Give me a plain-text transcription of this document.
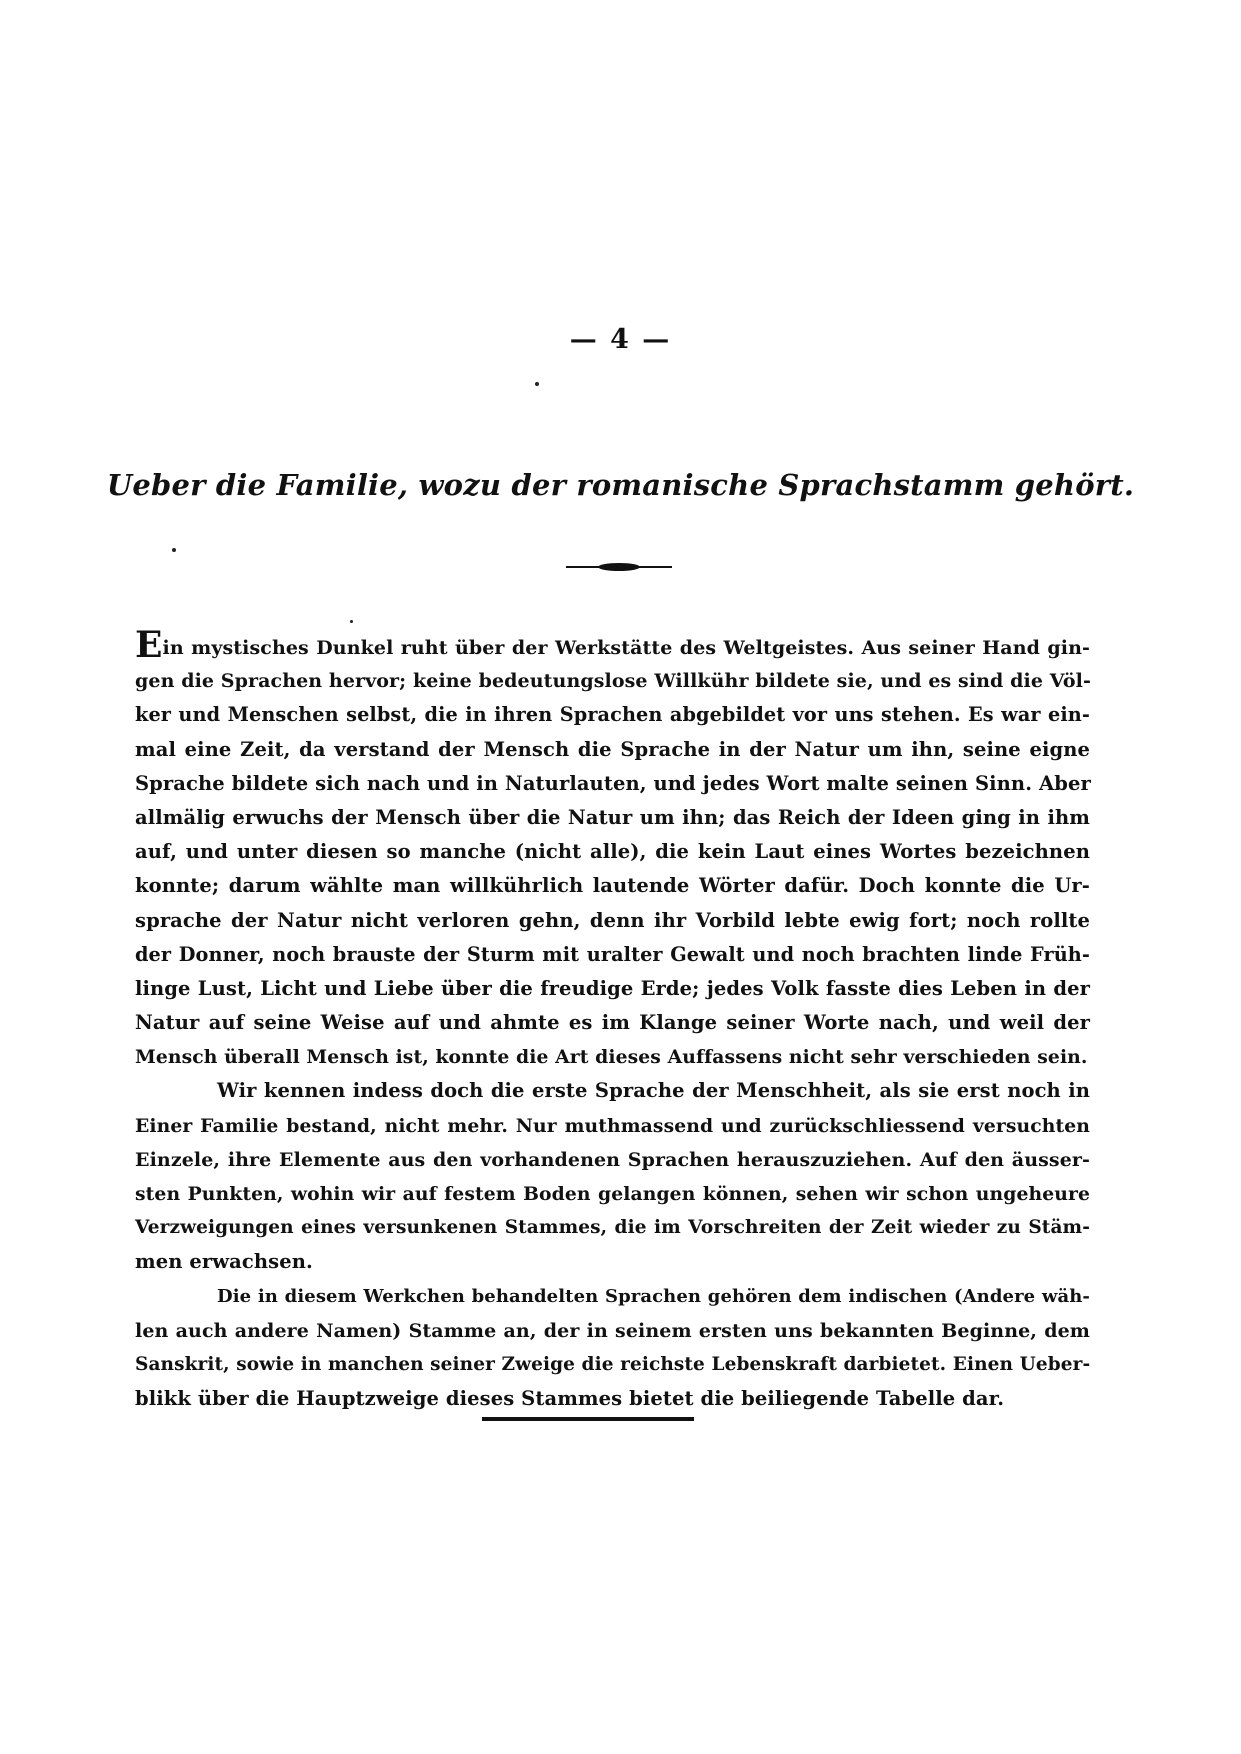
— 4 —
Ueber die Familie, wozu der romanische Sprachstamm gehört.
Ein mystisches Dunkel ruht über der Werkstätte des Weltgeistes. Aus seiner Hand gin-
gen die Sprachen hervor; keine bedeutungslose Willkühr bildete sie, und es sind die Völ-
ker und Menschen selbst, die in ihren Sprachen abgebildet vor uns stehen. Es war ein-
mal eine Zeit, da verstand der Mensch die Sprache in der Natur um ihn, seine eigne
Sprache bildete sich nach und in Naturlauten, und jedes Wort malte seinen Sinn. Aber
allmälig erwuchs der Mensch über die Natur um ihn; das Reich der Ideen ging in ihm
auf, und unter diesen so manche (nicht alle), die kein Laut eines Wortes bezeichnen
konnte; darum wählte man willkührlich lautende Wörter dafür. Doch konnte die Ur-
sprache der Natur nicht verloren gehn, denn ihr Vorbild lebte ewig fort; noch rollte
der Donner, noch brauste der Sturm mit uralter Gewalt und noch brachten linde Früh-
linge Lust, Licht und Liebe über die freudige Erde; jedes Volk fasste dies Leben in der
Natur auf seine Weise auf und ahmte es im Klange seiner Worte nach, und weil der
Mensch überall Mensch ist, konnte die Art dieses Auffassens nicht sehr verschieden sein.
Wir kennen indess doch die erste Sprache der Menschheit, als sie erst noch in
Einer Familie bestand, nicht mehr. Nur muthmassend und zurückschliessend versuchten
Einzele, ihre Elemente aus den vorhandenen Sprachen herauszuziehen. Auf den äusser-
sten Punkten, wohin wir auf festem Boden gelangen können, sehen wir schon ungeheure
Verzweigungen eines versunkenen Stammes, die im Vorschreiten der Zeit wieder zu Stäm-
men erwachsen.
Die in diesem Werkchen behandelten Sprachen gehören dem indischen (Andere wäh-
len auch andere Namen) Stamme an, der in seinem ersten uns bekannten Beginne, dem
Sanskrit, sowie in manchen seiner Zweige die reichste Lebenskraft darbietet. Einen Ueber-
blikk über die Hauptzweige dieses Stammes bietet die beiliegende Tabelle dar.
